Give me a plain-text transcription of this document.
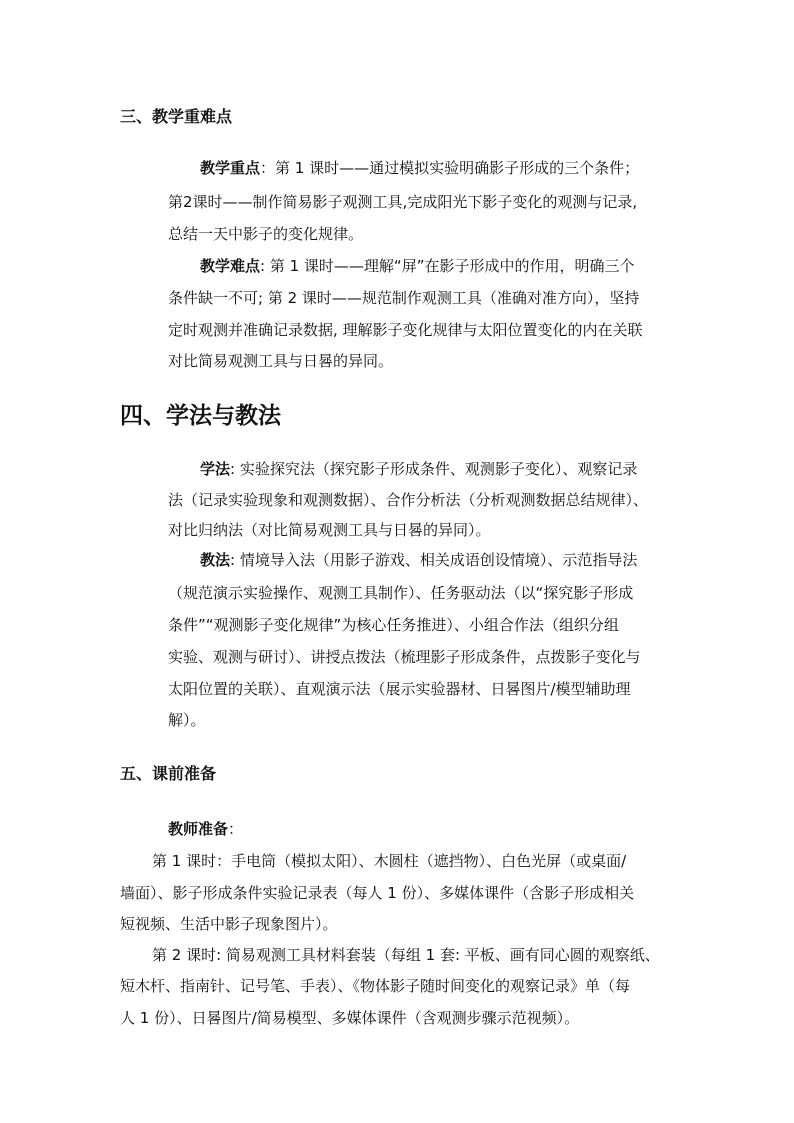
三、教学重难点
教学重点：第 1 课时——通过模拟实验明确影子形成的三个条件；
第2课时——制作简易影子观测工具,完成阳光下影子变化的观测与记录,
总结一天中影子的变化规律。
教学难点: 第 1 课时——理解“屏”在影子形成中的作用，明确三个
条件缺一不可; 第 2 课时——规范制作观测工具（准确对准方向），坚持
定时观测并准确记录数据, 理解影子变化规律与太阳位置变化的内在关联
对比简易观测工具与日晷的异同。
四、学法与教法
学法: 实验探究法（探究影子形成条件、观测影子变化）、观察记录
法（记录实验现象和观测数据）、合作分析法（分析观测数据总结规律）、
对比归纳法（对比简易观测工具与日晷的异同）。
教法: 情境导入法（用影子游戏、相关成语创设情境）、示范指导法
（规范演示实验操作、观测工具制作）、任务驱动法（以“探究影子形成
条件”“观测影子变化规律”为核心任务推进）、小组合作法（组织分组
实验、观测与研讨）、讲授点拨法（梳理影子形成条件，点拨影子变化与
太阳位置的关联）、直观演示法（展示实验器材、日晷图片/模型辅助理
解）。
五、课前准备
教师准备：
第 1 课时：手电筒（模拟太阳）、木圆柱（遮挡物）、白色光屏（或桌面/
墙面）、影子形成条件实验记录表（每人 1 份）、多媒体课件（含影子形成相关
短视频、生活中影子现象图片）。
第 2 课时: 简易观测工具材料套装（每组 1 套: 平板、画有同心圆的观察纸、
短木杆、指南针、记号笔、手表）、《物体影子随时间变化的观察记录》单（每
人 1 份）、日晷图片/简易模型、多媒体课件（含观测步骤示范视频）。
